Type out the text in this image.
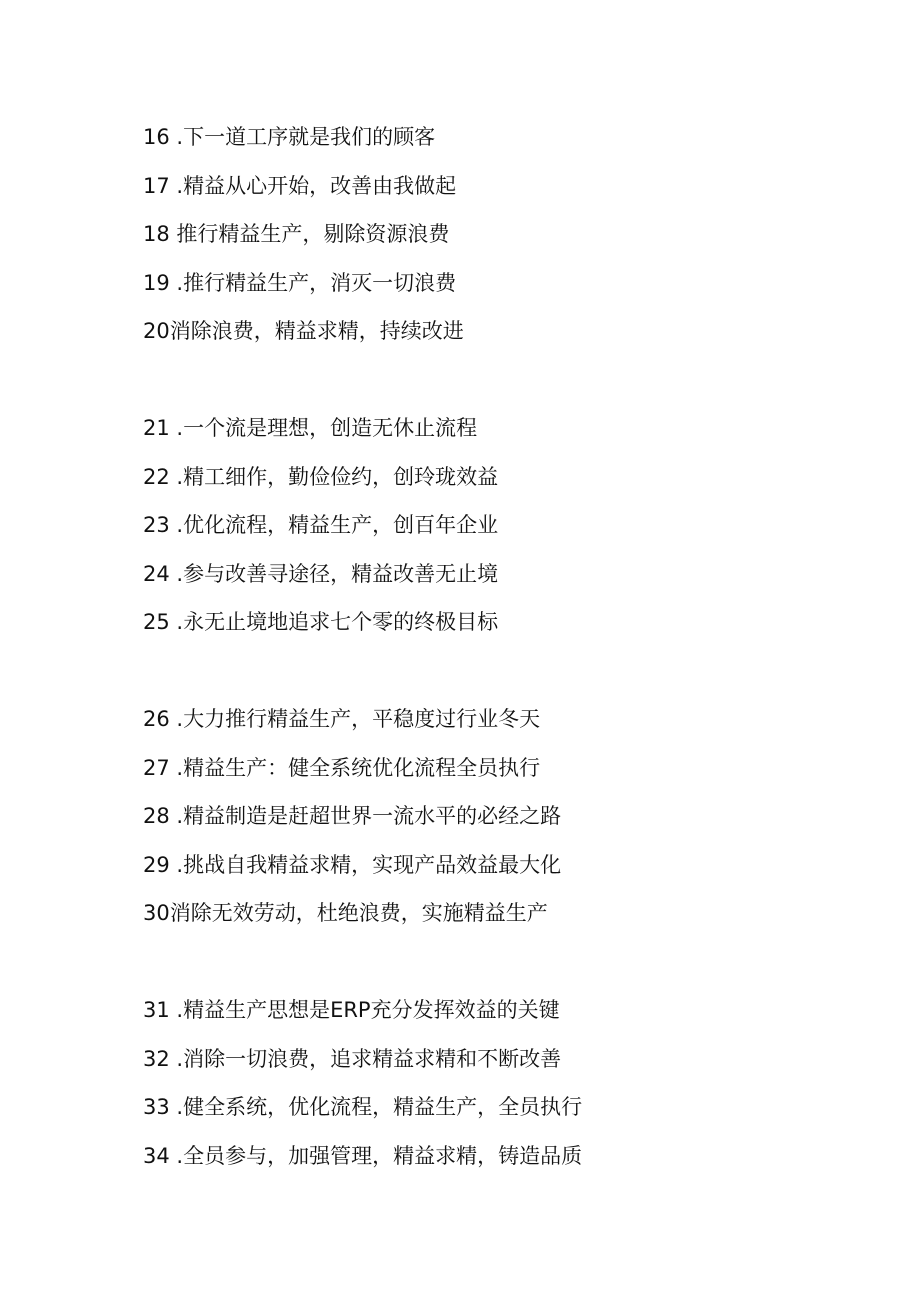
16 .下一道工序就是我们的顾客
17 .精益从心开始，改善由我做起
18 推行精益生产，剔除资源浪费
19 .推行精益生产，消灭一切浪费
20消除浪费，精益求精，持续改进
21 .一个流是理想，创造无休止流程
22 .精工细作，勤俭俭约，创玲珑效益
23 .优化流程，精益生产，创百年企业
24 .参与改善寻途径，精益改善无止境
25 .永无止境地追求七个零的终极目标
26 .大力推行精益生产，平稳度过行业冬天
27 .精益生产：健全系统优化流程全员执行
28 .精益制造是赶超世界一流水平的必经之路
29 .挑战自我精益求精，实现产品效益最大化
30消除无效劳动，杜绝浪费，实施精益生产
31 .精益生产思想是ERP充分发挥效益的关键
32 .消除一切浪费，追求精益求精和不断改善
33 .健全系统，优化流程，精益生产，全员执行
34 .全员参与，加强管理，精益求精，铸造品质
